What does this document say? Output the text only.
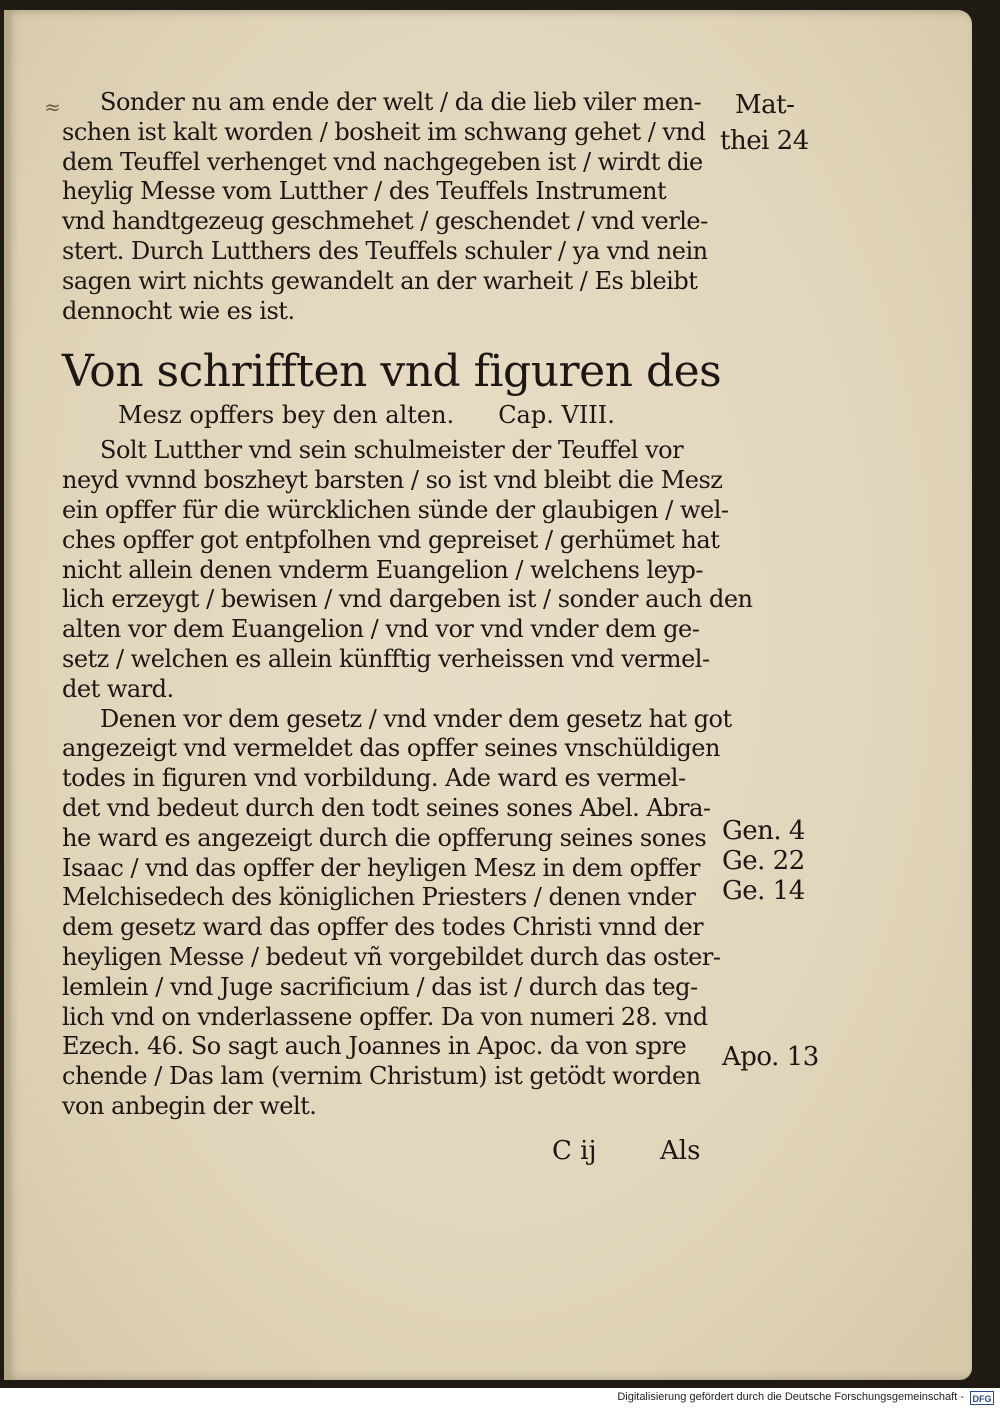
≈	Sonder nu am ende der welt / da die lieb viler men-
schen ist kalt worden / bosheit im schwang gehet / vnd
dem Teuffel verhenget vnd nachgegeben ist / wirdt die
heylig Messe vom Lutther / des Teuffels Instrument
vnd handtgezeug geschmehet / geschendet / vnd verle-
stert. Durch Lutthers des Teuffels schuler / ya vnd nein
sagen wirt nichts gewandelt an der warheit / Es bleibt
dennocht wie es ist.
Von schrifften vnd figuren des
Mesz opffers bey den alten. Cap. VIII.
Solt Lutther vnd sein schulmeister der Teuffel vor
neyd vvnnd boszheyt barsten / so ist vnd bleibt die Mesz
ein opffer für die würcklichen sünde der glaubigen / wel-
ches opffer got entpfolhen vnd gepreiset / gerhümet hat
nicht allein denen vnderm Euangelion / welchens leyp-
lich erzeygt / bewisen / vnd dargeben ist / sonder auch den
alten vor dem Euangelion / vnd vor vnd vnder dem ge-
setz / welchen es allein künfftig verheissen vnd vermel-
det ward.
Denen vor dem gesetz / vnd vnder dem gesetz hat got
angezeigt vnd vermeldet das opffer seines vnschüldigen
todes in figuren vnd vorbildung. Ade ward es vermel-
det vnd bedeut durch den todt seines sones Abel. Abra-
he ward es angezeigt durch die opfferung seines sones
Isaac / vnd das opffer der heyligen Mesz in dem opffer
Melchisedech des königlichen Priesters / denen vnder
dem gesetz ward das opffer des todes Christi vnnd der
heyligen Messe / bedeut vñ vorgebildet durch das oster-
lemlein / vnd Juge sacrificium / das ist / durch das teg-
lich vnd on vnderlassene opffer. Da von numeri 28. vnd
Ezech. 46. So sagt auch Joannes in Apoc. da von spre
chende / Das lam (vernim Christum) ist getödt worden
von anbegin der welt.
Mat-
thei 24
Gen. 4
Ge. 22
Ge. 14
Apo. 13
C ij Als
Digitalisierung gefördert durch die Deutsche Forschungsgemeinschaft - DFG
